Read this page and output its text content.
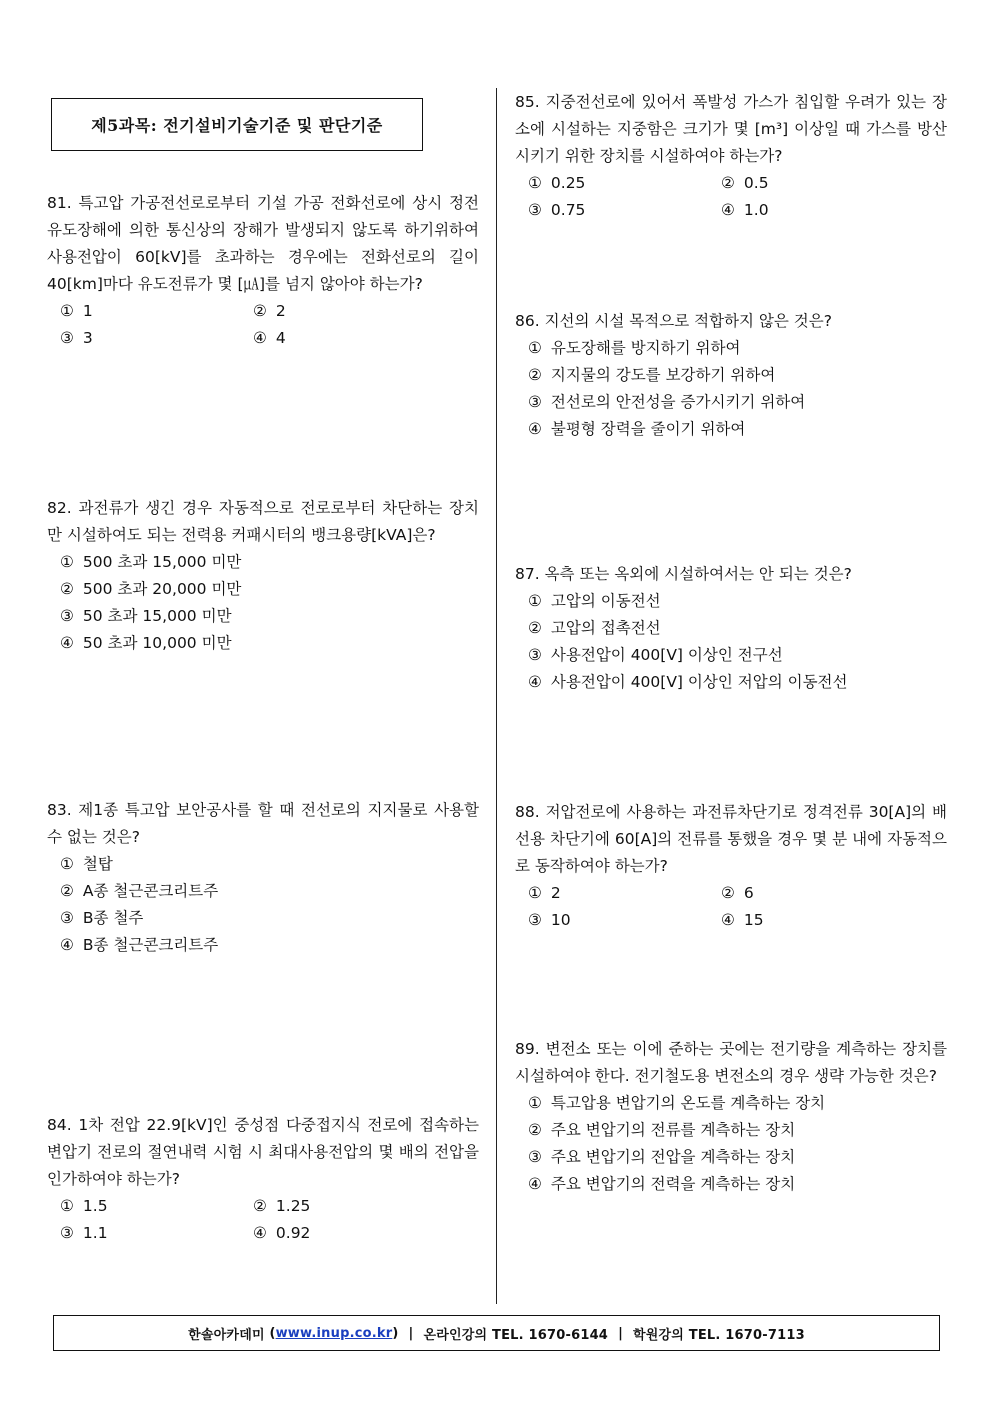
제5과목: 전기설비기술기준 및 판단기준

81. 특고압 가공전선로로부터 기설 가공 전화선로에 상시 정전유도장해에 의한 통신상의 장해가 발생되지 않도록 하기위하여 사용전압이 60[kV]를 초과하는 경우에는 전화선로의 길이 40[km]마다 유도전류가 몇 [㎂]를 넘지 않아야 하는가?

① 1	② 2
③ 3	④ 4

82. 과전류가 생긴 경우 자동적으로 전로로부터 차단하는 장치만 시설하여도 되는 전력용 커패시터의 뱅크용량[kVA]은?

① 500 초과 15,000 미만
② 500 초과 20,000 미만
③ 50 초과 15,000 미만
④ 50 초과 10,000 미만

83. 제1종 특고압 보안공사를 할 때 전선로의 지지물로 사용할 수 없는 것은?

① 철탑
② A종 철근콘크리트주
③ B종 철주
④ B종 철근콘크리트주

84. 1차 전압 22.9[kV]인 중성점 다중접지식 전로에 접속하는 변압기 전로의 절연내력 시험 시 최대사용전압의 몇 배의 전압을 인가하여야 하는가?

① 1.5	② 1.25
③ 1.1	④ 0.92

85. 지중전선로에 있어서 폭발성 가스가 침입할 우려가 있는 장소에 시설하는 지중함은 크기가 몇 [m³] 이상일 때 가스를 방산시키기 위한 장치를 시설하여야 하는가?

① 0.25	② 0.5
③ 0.75	④ 1.0

86. 지선의 시설 목적으로 적합하지 않은 것은?

① 유도장해를 방지하기 위하여
② 지지물의 강도를 보강하기 위하여
③ 전선로의 안전성을 증가시키기 위하여
④ 불평형 장력을 줄이기 위하여

87. 옥측 또는 옥외에 시설하여서는 안 되는 것은?

① 고압의 이동전선
② 고압의 접촉전선
③ 사용전압이 400[V] 이상인 전구선
④ 사용전압이 400[V] 이상인 저압의 이동전선

88. 저압전로에 사용하는 과전류차단기로 정격전류 30[A]의 배선용 차단기에 60[A]의 전류를 통했을 경우 몇 분 내에 자동적으로 동작하여야 하는가?

① 2	② 6
③ 10	④ 15

89. 변전소 또는 이에 준하는 곳에는 전기량을 계측하는 장치를 시설하여야 한다. 전기철도용 변전소의 경우 생략 가능한 것은?

① 특고압용 변압기의 온도를 계측하는 장치
② 주요 변압기의 전류를 계측하는 장치
③ 주요 변압기의 전압을 계측하는 장치
④ 주요 변압기의 전력을 계측하는 장치
한솔아카데미 ( www.inup.co.kr ) | 온라인강의 TEL. 1670-6144 | 학원강의 TEL. 1670-7113
